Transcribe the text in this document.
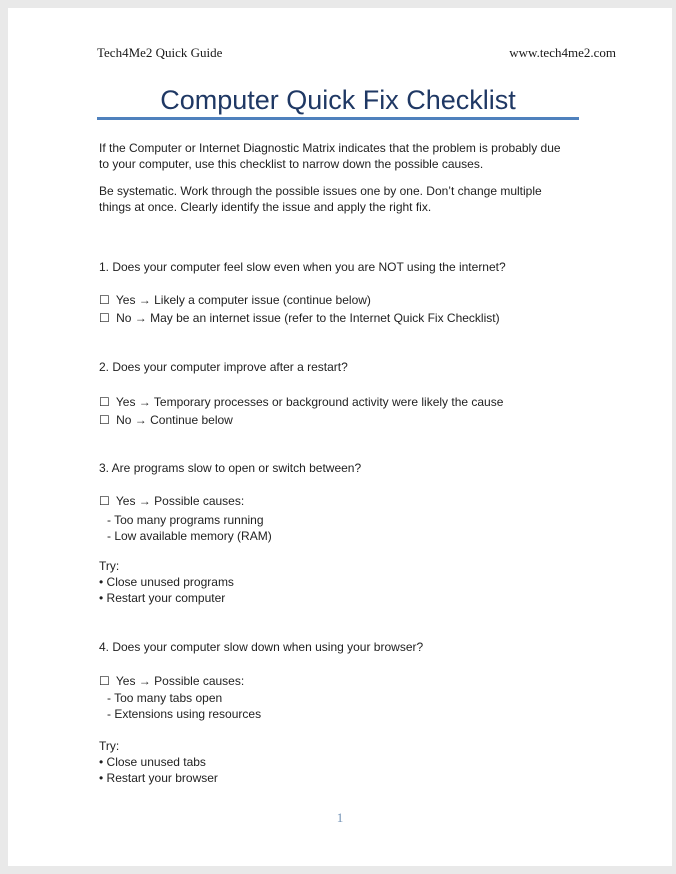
Tech4Me2 Quick Guide	www.tech4me2.com
Computer Quick Fix Checklist
If the Computer or Internet Diagnostic Matrix indicates that the problem is probably due
to your computer, use this checklist to narrow down the possible causes.
Be systematic. Work through the possible issues one by one. Don’t change multiple
things at once. Clearly identify the issue and apply the right fix.
1. Does your computer feel slow even when you are NOT using the internet?
☐ Yes → Likely a computer issue (continue below)
☐ No → May be an internet issue (refer to the Internet Quick Fix Checklist)
2. Does your computer improve after a restart?
☐ Yes → Temporary processes or background activity were likely the cause
☐ No → Continue below
3. Are programs slow to open or switch between?
☐ Yes → Possible causes:
- Too many programs running
- Low available memory (RAM)
Try:
• Close unused programs
• Restart your computer
4. Does your computer slow down when using your browser?
☐ Yes → Possible causes:
- Too many tabs open
- Extensions using resources
Try:
• Close unused tabs
• Restart your browser
1
